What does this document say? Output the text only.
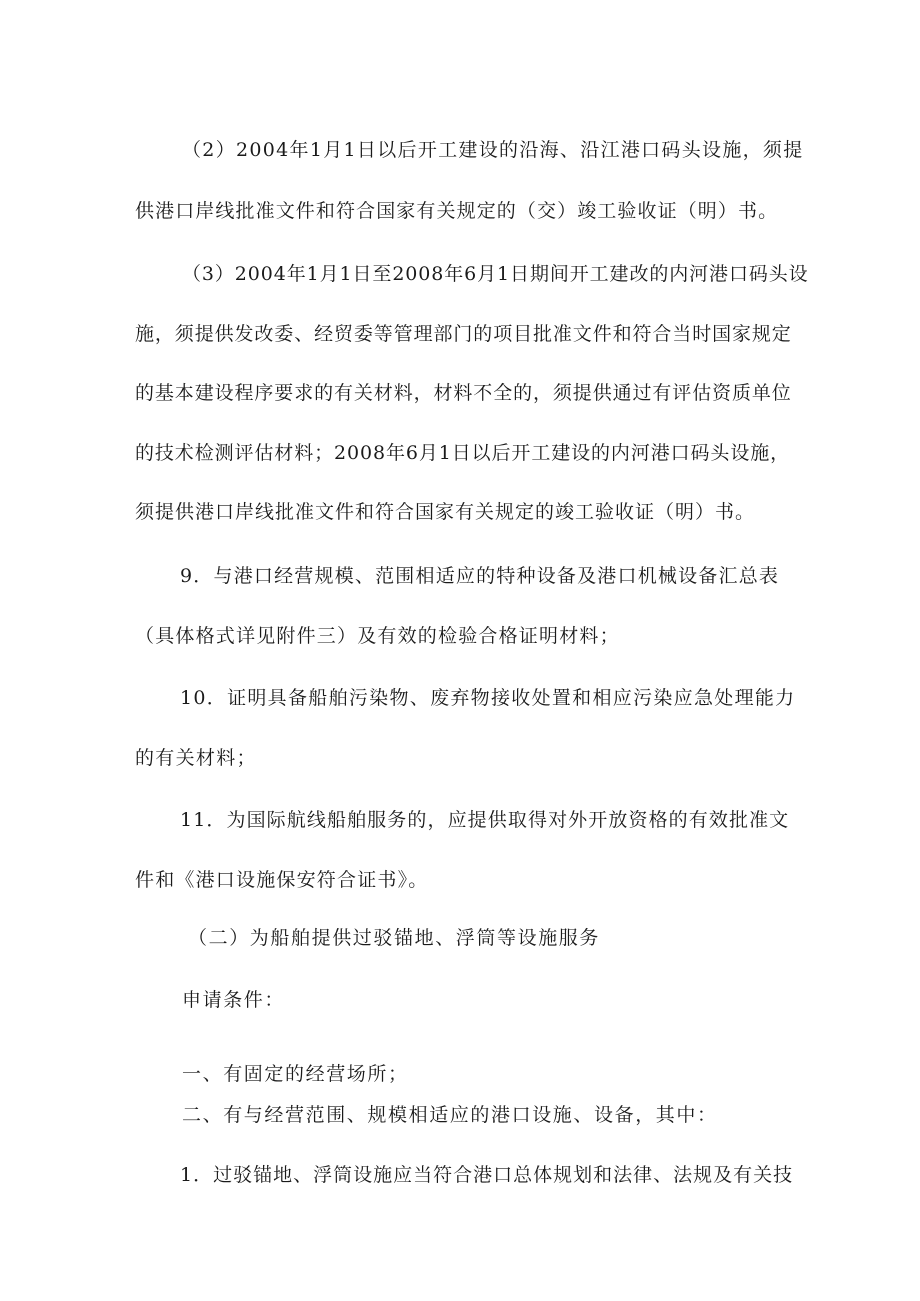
（2）2004年1月1日以后开工建设的沿海、沿江港口码头设施，须提
供港口岸线批准文件和符合国家有关规定的（交）竣工验收证（明）书。
（3）2004年1月1日至2008年6月1日期间开工建改的内河港口码头设
施，须提供发改委、经贸委等管理部门的项目批准文件和符合当时国家规定
的基本建设程序要求的有关材料，材料不全的，须提供通过有评估资质单位
的技术检测评估材料；2008年6月1日以后开工建设的内河港口码头设施，
须提供港口岸线批准文件和符合国家有关规定的竣工验收证（明）书。
9．与港口经营规模、范围相适应的特种设备及港口机械设备汇总表
（具体格式详见附件三）及有效的检验合格证明材料；
10．证明具备船舶污染物、废弃物接收处置和相应污染应急处理能力
的有关材料；
11．为国际航线船舶服务的，应提供取得对外开放资格的有效批准文
件和《港口设施保安符合证书》。
（二）为船舶提供过驳锚地、浮筒等设施服务
申请条件：
一、有固定的经营场所；
二、有与经营范围、规模相适应的港口设施、设备，其中：
1．过驳锚地、浮筒设施应当符合港口总体规划和法律、法规及有关技
